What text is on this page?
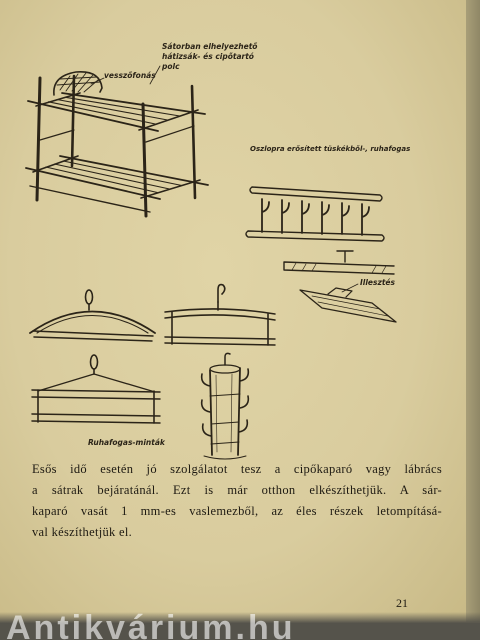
Sátorban elhelyezhető
hátizsák- és cipőtartó
polc
vesszőfonás
Oszlopra erősített tüskékből-, ruhafogas
Illesztés
Ruhafogas-minták
Esős idő esetén jó szolgálatot tesz a cipőkaparó vagy lábrács
a sátrak bejáratánál. Ezt is már otthon elkészíthetjük. A sár-
kaparó vasát 1 mm-es vaslemezből, az éles részek letompításá-
val készíthetjük el.
21
Antikvárium.hu
